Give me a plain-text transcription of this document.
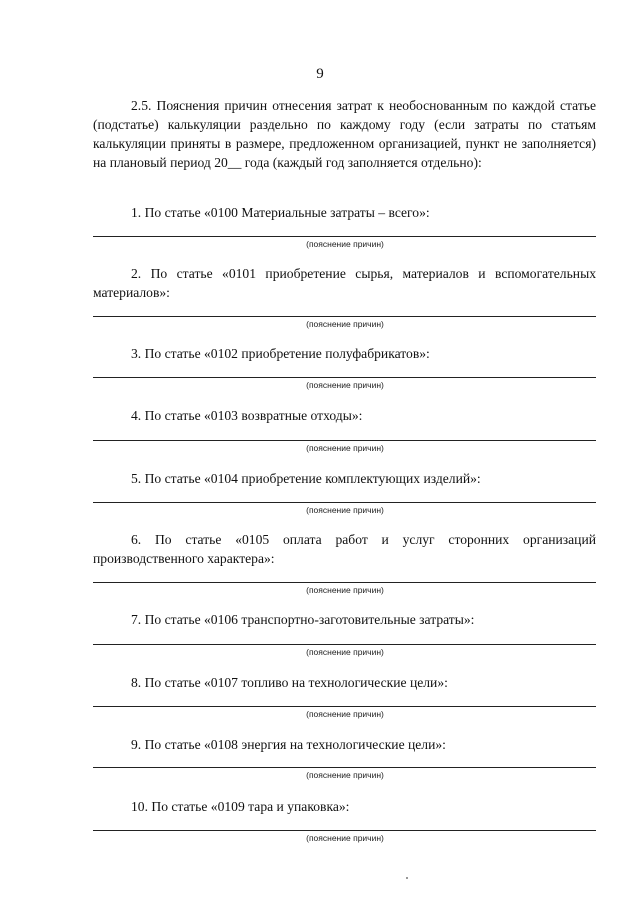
9
2.5. Пояснения причин отнесения затрат к необоснованным по каждой статье (подстатье) калькуляции раздельно по каждому году (если затраты по статьям калькуляции приняты в размере, предложенном организацией, пункт не заполняется) на плановый период 20__ года (каждый год заполняется отдельно):
1. По статье «0100 Материальные затраты – всего»:
(пояснение причин)
2. По статье «0101 приобретение сырья, материалов и вспомогательных материалов»:
(пояснение причин)
3. По статье «0102 приобретение полуфабрикатов»:
(пояснение причин)
4. По статье «0103 возвратные отходы»:
(пояснение причин)
5. По статье «0104 приобретение комплектующих изделий»:
(пояснение причин)
6. По статье «0105 оплата работ и услуг сторонних организаций производственного характера»:
(пояснение причин)
7. По статье «0106 транспортно-заготовительные затраты»:
(пояснение причин)
8. По статье «0107 топливо на технологические цели»:
(пояснение причин)
9. По статье «0108 энергия на технологические цели»:
(пояснение причин)
10. По статье «0109 тара и упаковка»:
(пояснение причин)
